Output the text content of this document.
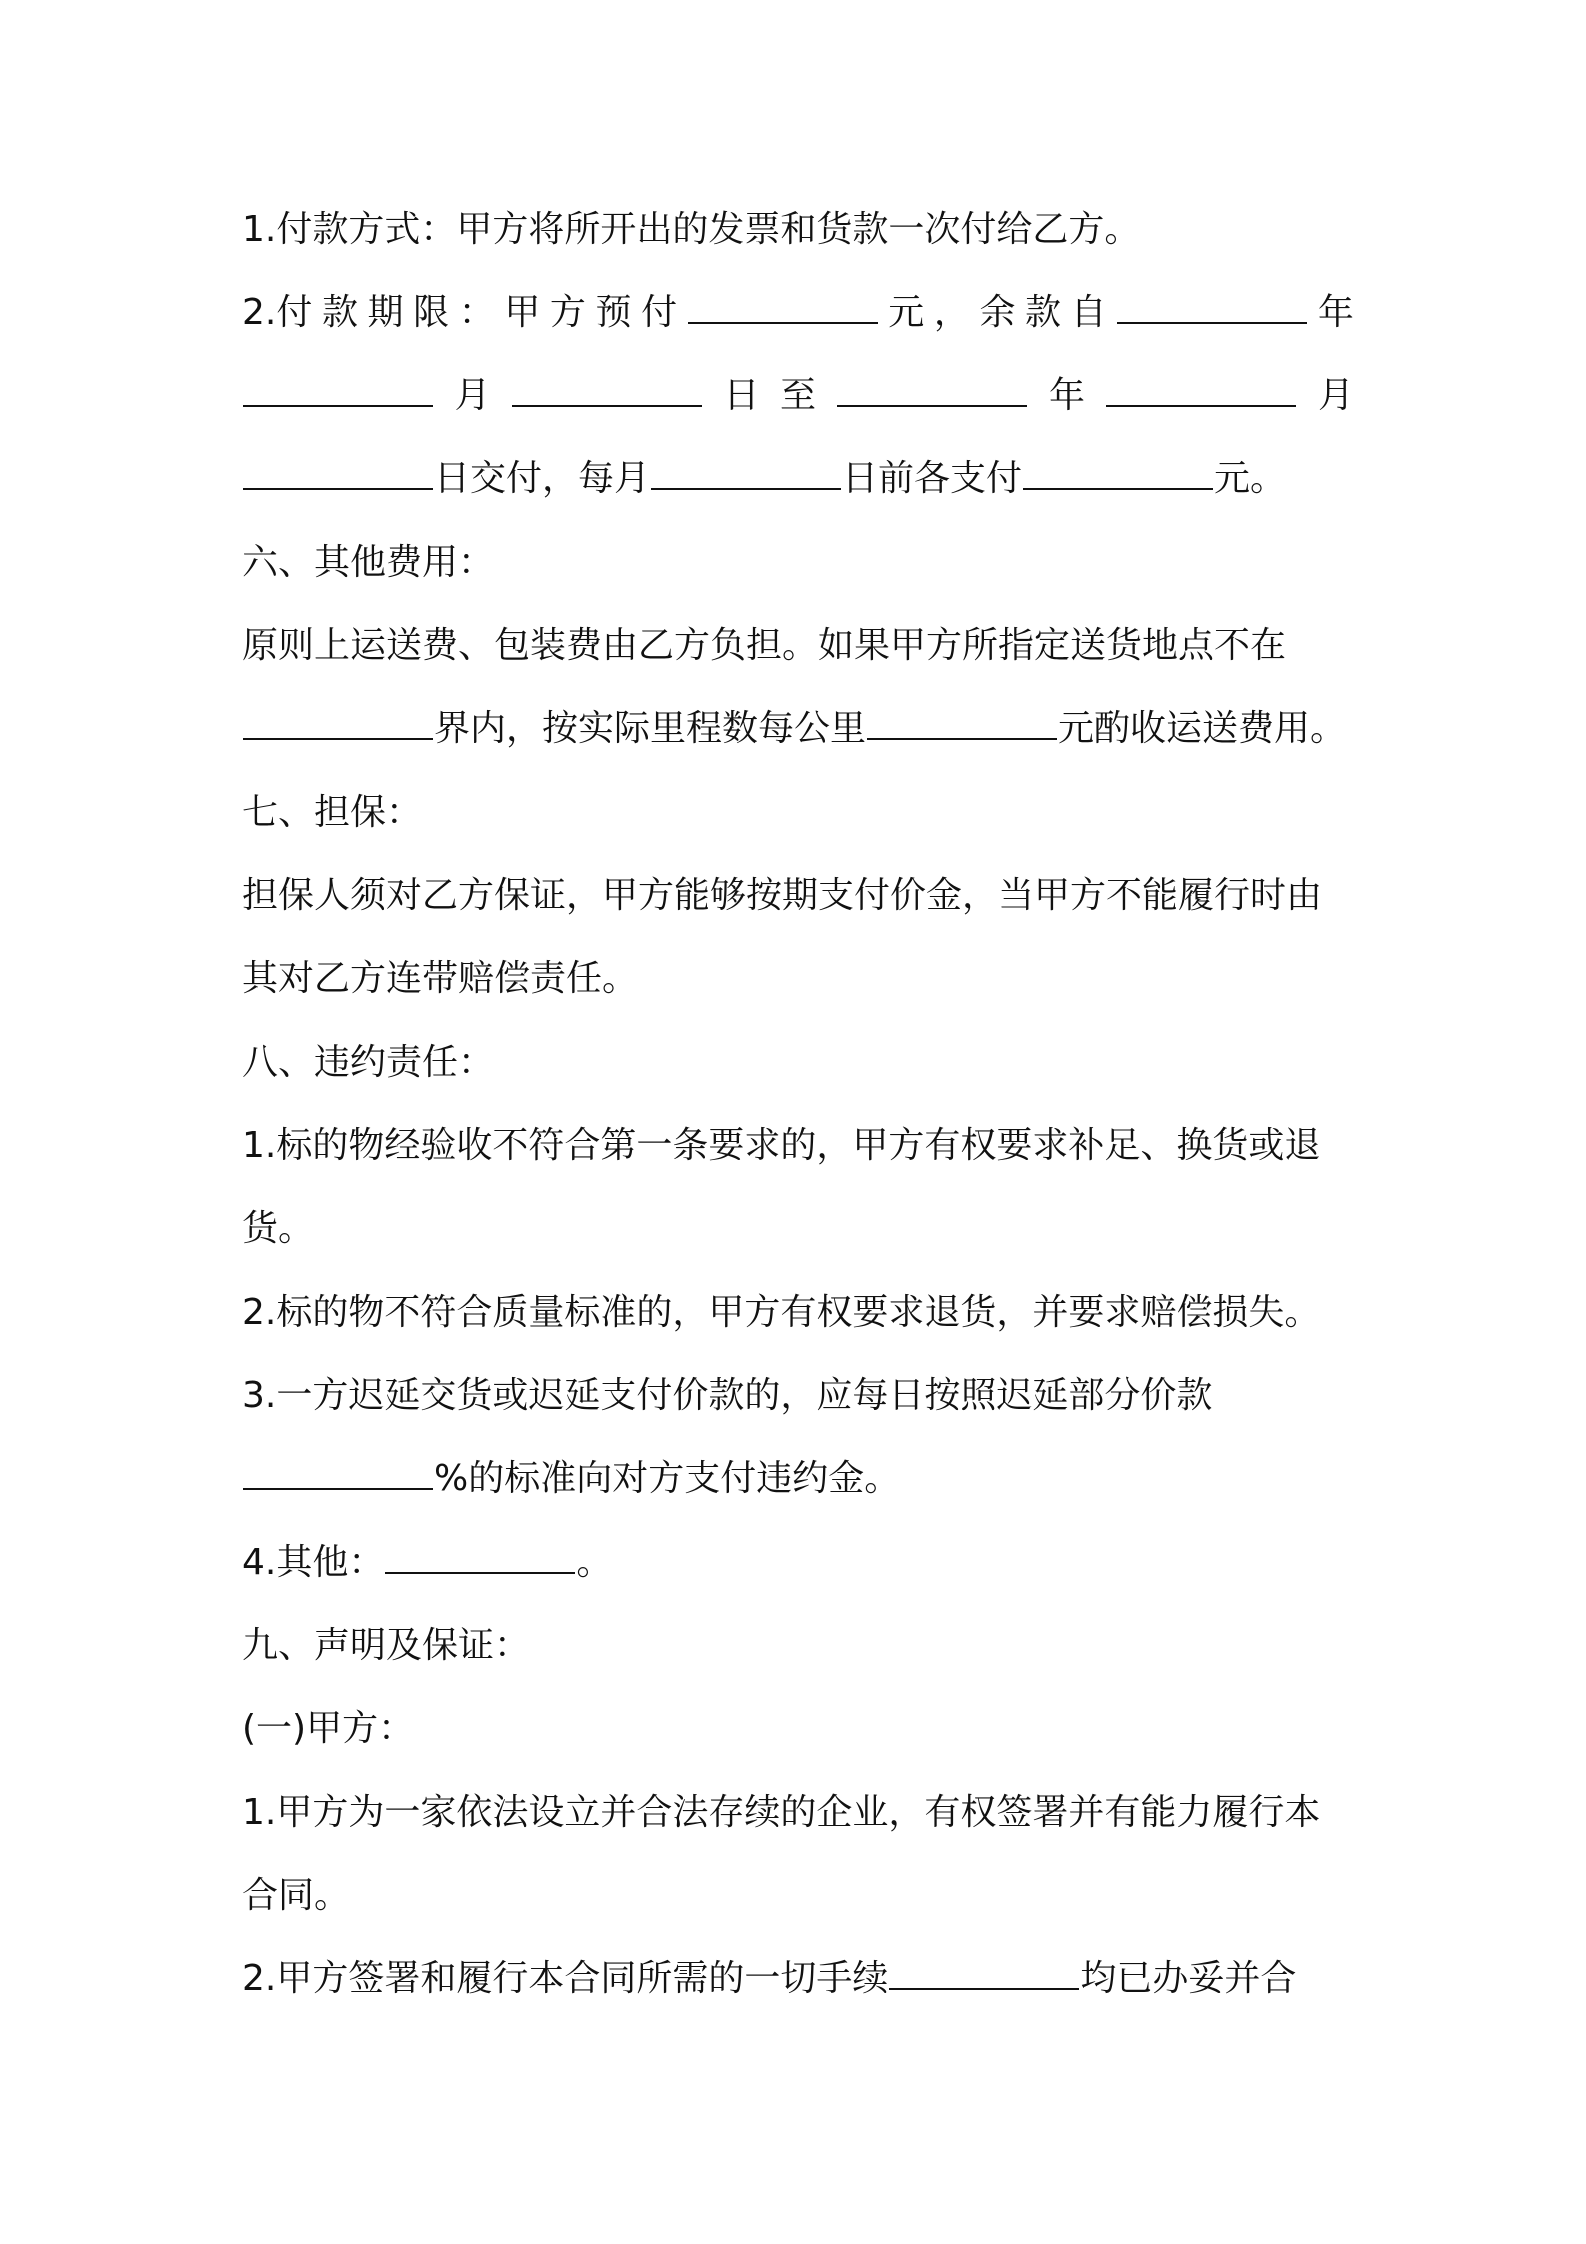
1.付款方式：甲方将所开出的发票和货款一次付给乙方。
2.付 款 期 限 ： 甲 方 预 付	元 ， 余 款 自	年
月	日 至	年	月
日交付，每月	日前各支付	元。
六、其他费用：
原则上运送费、包装费由乙方负担。如果甲方所指定送货地点不在
界内，按实际里程数每公里	元酌收运送费用。
七、担保：
担保人须对乙方保证，甲方能够按期支付价金，当甲方不能履行时由
其对乙方连带赔偿责任。
八、违约责任：
1.标的物经验收不符合第一条要求的，甲方有权要求补足、换货或退
货。
2.标的物不符合质量标准的，甲方有权要求退货，并要求赔偿损失。
3.一方迟延交货或迟延支付价款的，应每日按照迟延部分价款
%的标准向对方支付违约金。
4.其他：	。
九、声明及保证：
(一)甲方：
1.甲方为一家依法设立并合法存续的企业，有权签署并有能力履行本
合同。
2.甲方签署和履行本合同所需的一切手续	均已办妥并合
